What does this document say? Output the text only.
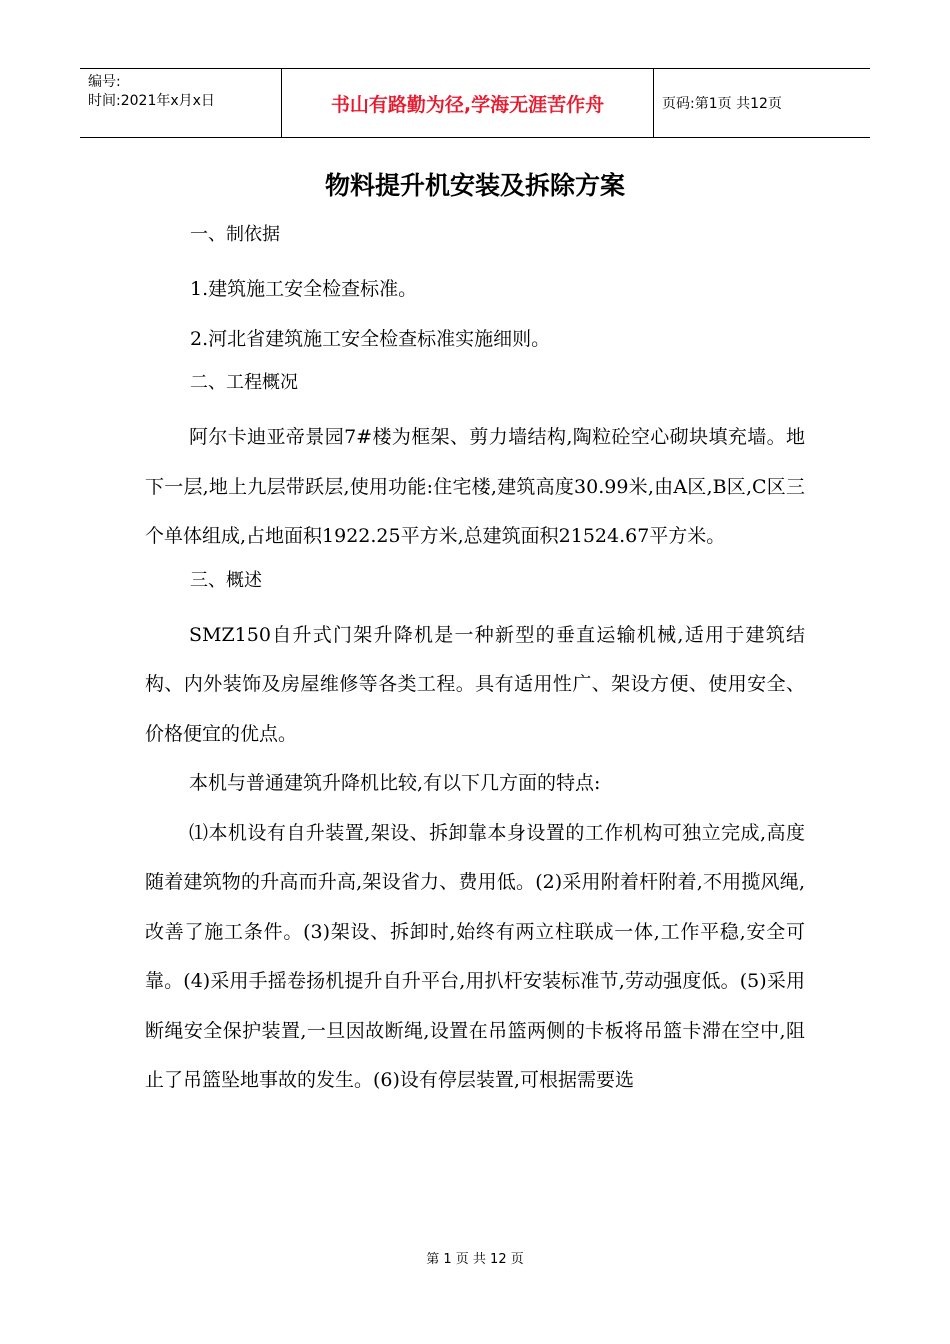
编号:
时间:2021年x月x日	书山有路勤为径,学海无涯苦作舟	页码:第1页 共12页
物料提升机安装及拆除方案
一、制依据
1.建筑施工安全检查标准。
2.河北省建筑施工安全检查标准实施细则。
二、工程概况
阿尔卡迪亚帝景园7#楼为框架、剪力墙结构,陶粒砼空心砌块填充墙。地下一层,地上九层带跃层,使用功能:住宅楼,建筑高度30.99米,由A区,B区,C区三个单体组成,占地面积1922.25平方米,总建筑面积21524.67平方米。
三、概述
SMZ150自升式门架升降机是一种新型的垂直运输机械,适用于建筑结构、内外装饰及房屋维修等各类工程。具有适用性广、架设方便、使用安全、价格便宜的优点。
本机与普通建筑升降机比较,有以下几方面的特点:
⑴本机设有自升装置,架设、拆卸靠本身设置的工作机构可独立完成,高度随着建筑物的升高而升高,架设省力、费用低。(2)采用附着杆附着,不用揽风绳,改善了施工条件。(3)架设、拆卸时,始终有两立柱联成一体,工作平稳,安全可靠。(4)采用手摇卷扬机提升自升平台,用扒杆安装标准节,劳动强度低。(5)采用断绳安全保护装置,一旦因故断绳,设置在吊篮两侧的卡板将吊篮卡滞在空中,阻止了吊篮坠地事故的发生。(6)设有停层装置,可根据需要选
第 1 页 共 12 页
